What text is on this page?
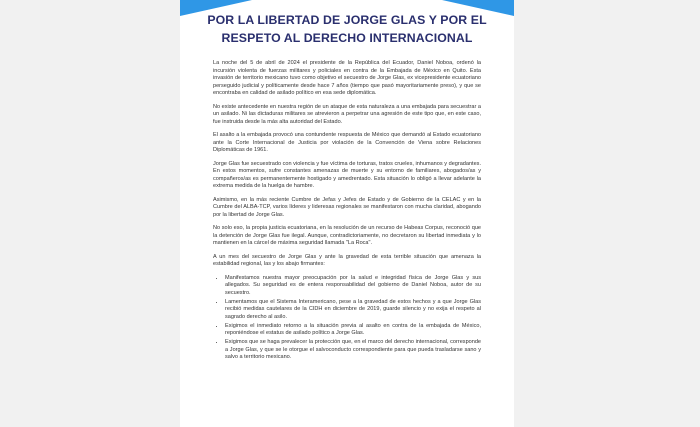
POR LA LIBERTAD DE JORGE GLAS Y POR EL RESPETO AL DERECHO INTERNACIONAL

La noche del 5 de abril de 2024 el presidente de la República del Ecuador, Daniel Noboa, ordenó la incursión violenta de fuerzas militares y policiales en contra de la Embajada de México en Quito. Esta invasión de territorio mexicano tuvo como objetivo el secuestro de Jorge Glas, ex vicepresidente ecuatoriano perseguido judicial y políticamente desde hace 7 años (tiempo que pasó mayoritariamente preso), y que se encontraba en calidad de asilado político en esa sede diplomática.

No existe antecedente en nuestra región de un ataque de esta naturaleza a una embajada para secuestrar a un asilado. Ni las dictaduras militares se atrevieron a perpetrar una agresión de este tipo que, en este caso, fue instruida desde la más alta autoridad del Estado.

El asalto a la embajada provocó una contundente respuesta de México que demandó al Estado ecuatoriano ante la Corte Internacional de Justicia por violación de la Convención de Viena sobre Relaciones Diplomáticas de 1961.

Jorge Glas fue secuestrado con violencia y fue víctima de torturas, tratos crueles, inhumanos y degradantes. En estos momentos, sufre constantes amenazas de muerte y su entorno de familiares, abogados/as y compañeros/as es permanentemente hostigado y amedrentado. Esta situación lo obligó a llevar adelante la extrema medida de la huelga de hambre.

Asimismo, en la más reciente Cumbre de Jefas y Jefes de Estado y de Gobierno de la CELAC y en la Cumbre del ALBA-TCP, varios líderes y lideresas regionales se manifestaron con mucha claridad, abogando por la libertad de Jorge Glas.

No solo eso, la propia justicia ecuatoriana, en la resolución de un recurso de Habeas Corpus, reconoció que la detención de Jorge Glas fue ilegal. Aunque, contradictoriamente, no decretaron su libertad inmediata y lo mantienen en la cárcel de máxima seguridad llamada "La Roca".

A un mes del secuestro de Jorge Glas y ante la gravedad de esta terrible situación que amenaza la estabilidad regional, las y los abajo firmantes:

• Manifestamos nuestra mayor preocupación por la salud e integridad física de Jorge Glas y sus allegados. Su seguridad es de entera responsabilidad del gobierno de Daniel Noboa, autor de su secuestro.
• Lamentamos que el Sistema Interamericano, pese a la gravedad de estos hechos y a que Jorge Glas recibió medidas cautelares de la CIDH en diciembre de 2019, guarde silencio y no exija el respeto al sagrado derecho al asilo.
• Exigimos el inmediato retorno a la situación previa al asalto en contra de la embajada de México, reponiéndose el estatus de asilado político a Jorge Glas.
• Exigimos que se haga prevalecer la protección que, en el marco del derecho internacional, corresponde a Jorge Glas, y que se le otorgue el salvoconducto correspondiente para que pueda trasladarse sano y salvo a territorio mexicano.
